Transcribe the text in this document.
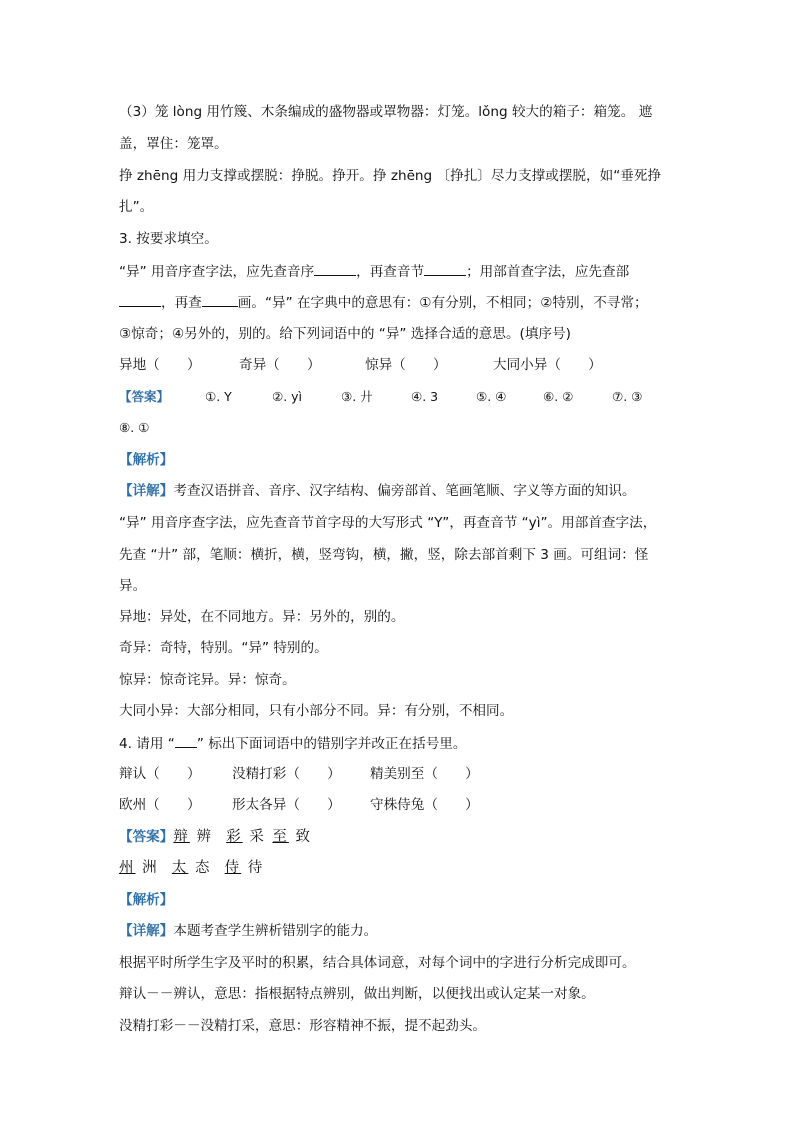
（3）笼 lòng 用竹篾、木条编成的盛物器或罩物器：灯笼。lǒng 较大的箱子：箱笼。 遮
盖，罩住：笼罩。
挣 zhēng 用力支撑或摆脱：挣脱。挣开。挣 zhēng 〔挣扎〕尽力支撑或摆脱，如“垂死挣
扎”。
3. 按要求填空。
“异” 用音序查字法，应先查音序	，再查音节	；用部首查字法，应先查部
，再查	画。“异” 在字典中的意思有：①有分别，不相同；②特别，不寻常；
③惊奇；④另外的，别的。给下列词语中的 “异” 选择合适的意思。(填序号)
异地（　　）	奇异（　　）	惊异（　　）	大同小异（　　）
【答案】	①. Y	②. yì	③. 廾	④. 3	⑤. ④	⑥. ②	⑦. ③
⑧. ①
【解析】
【详解】考查汉语拼音、音序、汉字结构、偏旁部首、笔画笔顺、字义等方面的知识。
“异” 用音序查字法，应先查音节首字母的大写形式 “Y”，再查音节 “yì”。用部首查字法，
先查 “廾” 部，笔顺：横折，横，竖弯钩，横，撇，竖，除去部首剩下 3 画。可组词：怪
异。
异地：异处，在不同地方。异：另外的，别的。
奇异：奇特，特别。“异” 特别的。
惊异：惊奇诧异。异：惊奇。
大同小异：大部分相同，只有小部分不同。异：有分别，不相同。
4. 请用 “ ” 标出下面词语中的错别字并改正在括号里。
辩认（　　）	没精打彩（　　）	精美别至（　　）
欧州（　　）	形太各异（　　）	守株侍兔（　　）
【答案】辩 辨 彩 采 至 致
州 洲 太 态 侍 待
【解析】
【详解】本题考查学生辨析错别字的能力。
根据平时所学生字及平时的积累，结合具体词意，对每个词中的字进行分析完成即可。
辩认－－辨认，意思：指根据特点辨别，做出判断，以便找出或认定某一对象。
没精打彩－－没精打采，意思：形容精神不振，提不起劲头。
